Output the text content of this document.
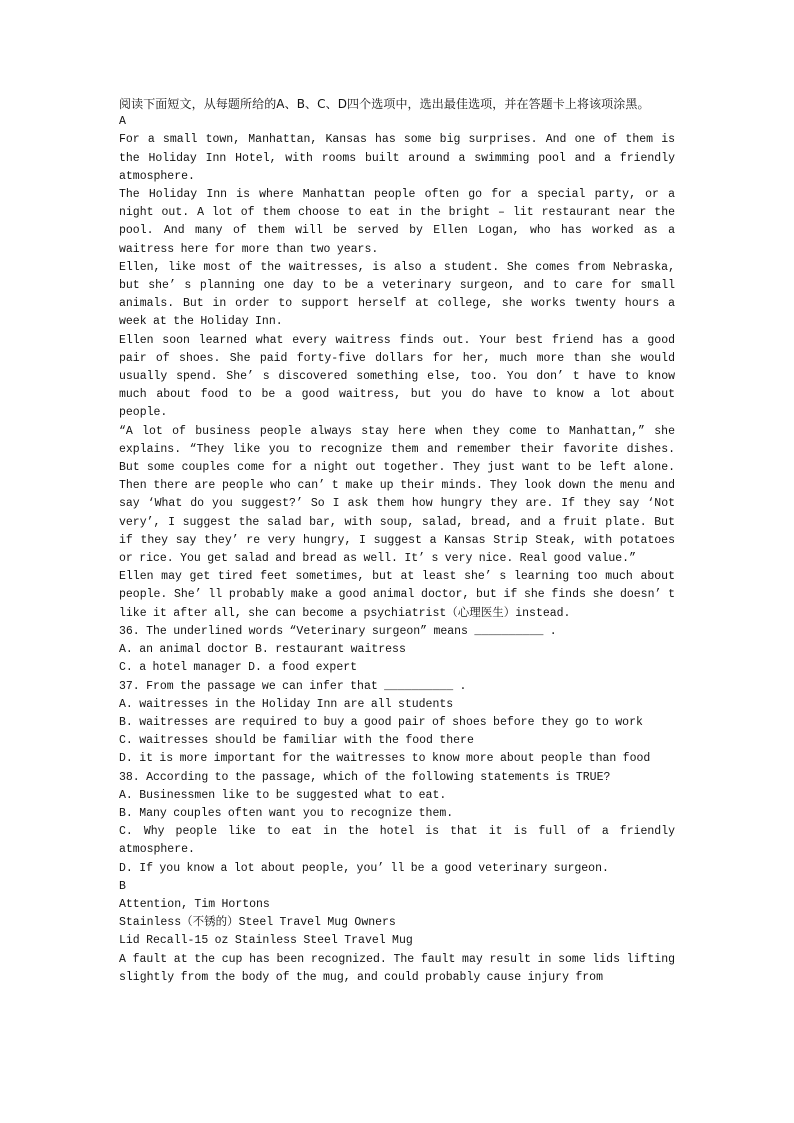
阅读下面短文，从每题所给的A、B、C、D四个选项中，选出最佳选项，并在答题卡上将该项涂黑。

A

For a small town, Manhattan, Kansas has some big surprises. And one of them is the Holiday Inn Hotel, with rooms built around a swimming pool and a friendly atmosphere.

The Holiday Inn is where Manhattan people often go for a special party, or a night out. A lot of them choose to eat in the bright – lit restaurant near the pool. And many of them will be served by Ellen Logan, who has worked as a waitress here for more than two years.

Ellen, like most of the waitresses, is also a student. She comes from Nebraska, but she’ s planning one day to be a veterinary surgeon, and to care for small animals. But in order to support herself at college, she works twenty hours a week at the Holiday Inn.

Ellen soon learned what every waitress finds out. Your best friend has a good pair of shoes. She paid forty-five dollars for her, much more than she would usually spend. She’ s discovered something else, too. You don’ t have to know much about food to be a good waitress, but you do have to know a lot about people.

“A lot of business people always stay here when they come to Manhattan,” she explains. “They like you to recognize them and remember their favorite dishes. But some couples come for a night out together. They just want to be left alone. Then there are people who can’ t make up their minds. They look down the menu and say ‘What do you suggest?’ So I ask them how hungry they are. If they say ‘Not very’, I suggest the salad bar, with soup, salad, bread, and a fruit plate. But if they say they’ re very hungry, I suggest a Kansas Strip Steak, with potatoes or rice. You get salad and bread as well. It’ s very nice. Real good value.”

Ellen may get tired feet sometimes, but at least she’ s learning too much about people. She’ ll probably make a good animal doctor, but if she finds she doesn’ t like it after all, she can become a psychiatrist（心理医生）instead.

36. The underlined words “Veterinary surgeon” means __________ .

A. an animal doctor B. restaurant waitress

C. a hotel manager D. a food expert

37. From the passage we can infer that __________ .

A. waitresses in the Holiday Inn are all students

B. waitresses are required to buy a good pair of shoes before they go to work

C. waitresses should be familiar with the food there

D. it is more important for the waitresses to know more about people than food

38. According to the passage, which of the following statements is TRUE?

A. Businessmen like to be suggested what to eat.

B. Many couples often want you to recognize them.

C. Why people like to eat in the hotel is that it is full of a friendly atmosphere.

D. If you know a lot about people, you’ ll be a good veterinary surgeon.

B

Attention, Tim Hortons

Stainless（不锈的）Steel Travel Mug Owners

Lid Recall-15 oz Stainless Steel Travel Mug

A fault at the cup has been recognized. The fault may result in some lids lifting slightly from the body of the mug, and could probably cause injury from
